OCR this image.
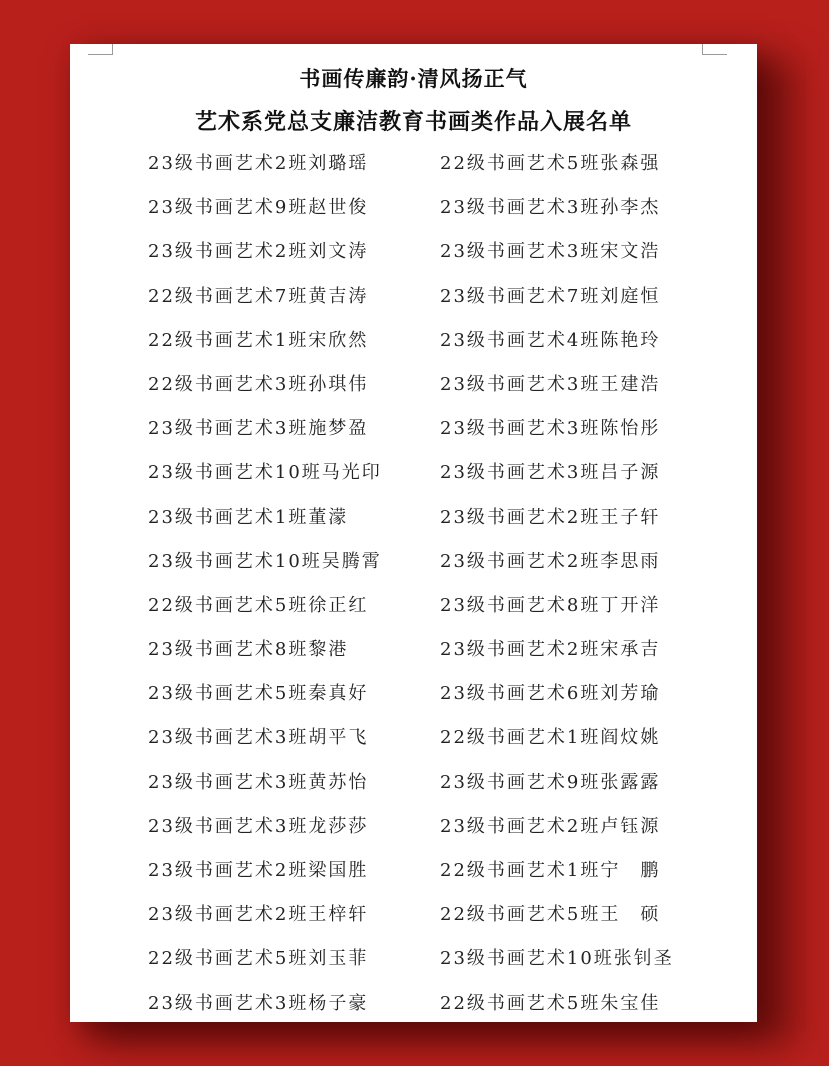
书画传廉韵·清风扬正气
艺术系党总支廉洁教育书画类作品入展名单
23级书画艺术2班刘璐瑶	22级书画艺术5班张森强
23级书画艺术9班赵世俊	23级书画艺术3班孙李杰
23级书画艺术2班刘文涛	23级书画艺术3班宋文浩
22级书画艺术7班黄吉涛	23级书画艺术7班刘庭恒
22级书画艺术1班宋欣然	23级书画艺术4班陈艳玲
22级书画艺术3班孙琪伟	23级书画艺术3班王建浩
23级书画艺术3班施梦盈	23级书画艺术3班陈怡彤
23级书画艺术10班马光印	23级书画艺术3班吕子源
23级书画艺术1班董濛	23级书画艺术2班王子轩
23级书画艺术10班吴腾霄	23级书画艺术2班李思雨
22级书画艺术5班徐正红	23级书画艺术8班丁开洋
23级书画艺术8班黎港	23级书画艺术2班宋承吉
23级书画艺术5班秦真好	23级书画艺术6班刘芳瑜
23级书画艺术3班胡平飞	22级书画艺术1班阎炆姚
23级书画艺术3班黄苏怡	23级书画艺术9班张露露
23级书画艺术3班龙莎莎	23级书画艺术2班卢钰源
23级书画艺术2班梁国胜	22级书画艺术1班宁　鹏
23级书画艺术2班王梓轩	22级书画艺术5班王　硕
22级书画艺术5班刘玉菲	23级书画艺术10班张钊圣
23级书画艺术3班杨子豪	22级书画艺术5班朱宝佳
